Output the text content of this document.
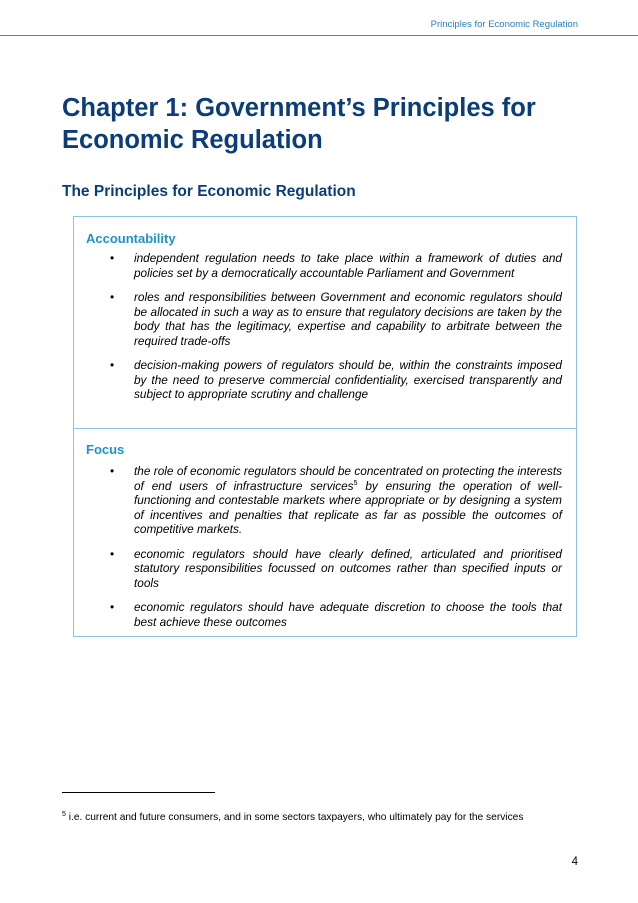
Principles for Economic Regulation
Chapter 1: Government’s Principles for Economic Regulation
The Principles for Economic Regulation
Accountability
• independent regulation needs to take place within a framework of duties and policies set by a democratically accountable Parliament and Government
• roles and responsibilities between Government and economic regulators should be allocated in such a way as to ensure that regulatory decisions are taken by the body that has the legitimacy, expertise and capability to arbitrate between the required trade-offs
• decision-making powers of regulators should be, within the constraints imposed by the need to preserve commercial confidentiality, exercised transparently and subject to appropriate scrutiny and challenge
Focus
• the role of economic regulators should be concentrated on protecting the interests of end users of infrastructure services$^5$ by ensuring the operation of well-functioning and contestable markets where appropriate or by designing a system of incentives and penalties that replicate as far as possible the outcomes of competitive markets.
• economic regulators should have clearly defined, articulated and prioritised statutory responsibilities focussed on outcomes rather than specified inputs or tools
• economic regulators should have adequate discretion to choose the tools that best achieve these outcomes
$^5$ i.e. current and future consumers, and in some sectors taxpayers, who ultimately pay for the services
4
